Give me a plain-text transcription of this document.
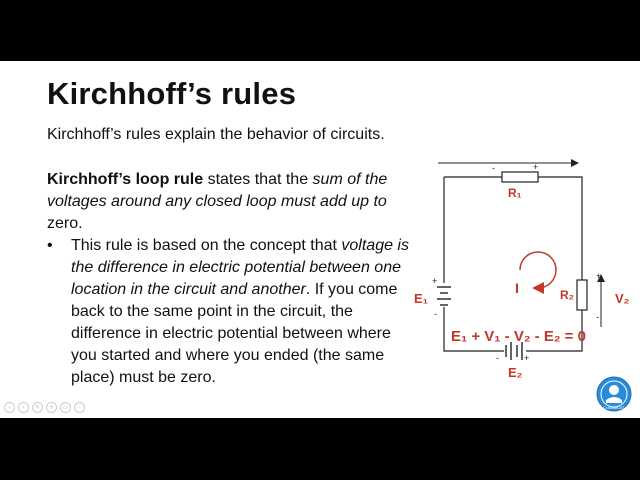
Kirchhoff’s rules
Kirchhoff’s rules explain the behavior of circuits.
Kirchhoff’s loop rule states that the sum of the voltages around any closed loop must add up to zero.
• This rule is based on the concept that voltage is the difference in electric potential between one location in the circuit and another. If you come back to the same point in the circuit, the difference in electric potential between where you started and where you ended (the same place) must be zero.
-	+
R₁
+
-
R₂	V₂
+
-
E₁
-	+
E₂
I
E₁ + V₁ - V₂ - E₂ = 0
‹	›	✎	+	▭	⋯	CrackMCAT
